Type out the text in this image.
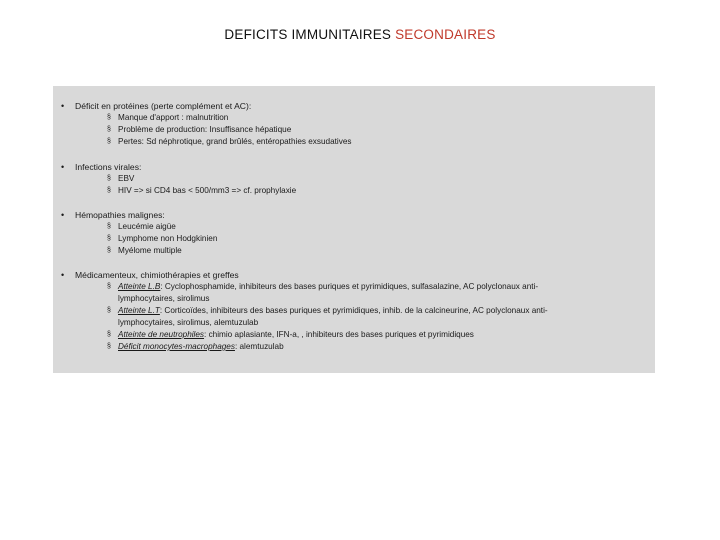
DEFICITS IMMUNITAIRES SECONDAIRES
• Déficit en protéines (perte complément et AC):
§ Manque d'apport : malnutrition
§ Problème de production: Insuffisance hépatique
§ Pertes: Sd néphrotique, grand brûlés, entéropathies exsudatives
• Infections virales:
§ EBV
§ HIV => si CD4 bas < 500/mm3 => cf. prophylaxie
• Hémopathies malignes:
§ Leucémie aigüe
§ Lymphome non Hodgkinien
§ Myélome multiple
• Médicamenteux, chimiothérapies et greffes
§ Atteinte L.B: Cyclophosphamide, inhibiteurs des bases puriques et pyrimidiques, sulfasalazine, AC polyclonaux anti-
lymphocytaires, sirolimus
§ Atteinte L.T: Corticoïdes, inhibiteurs des bases puriques et pyrimidiques, inhib. de la calcineurine, AC polyclonaux anti-
lymphocytaires, sirolimus, alemtuzulab
§ Atteinte de neutrophiles: chimio aplasiante, IFN-a, , inhibiteurs des bases puriques et pyrimidiques
§ Déficit monocytes-macrophages: alemtuzulab
